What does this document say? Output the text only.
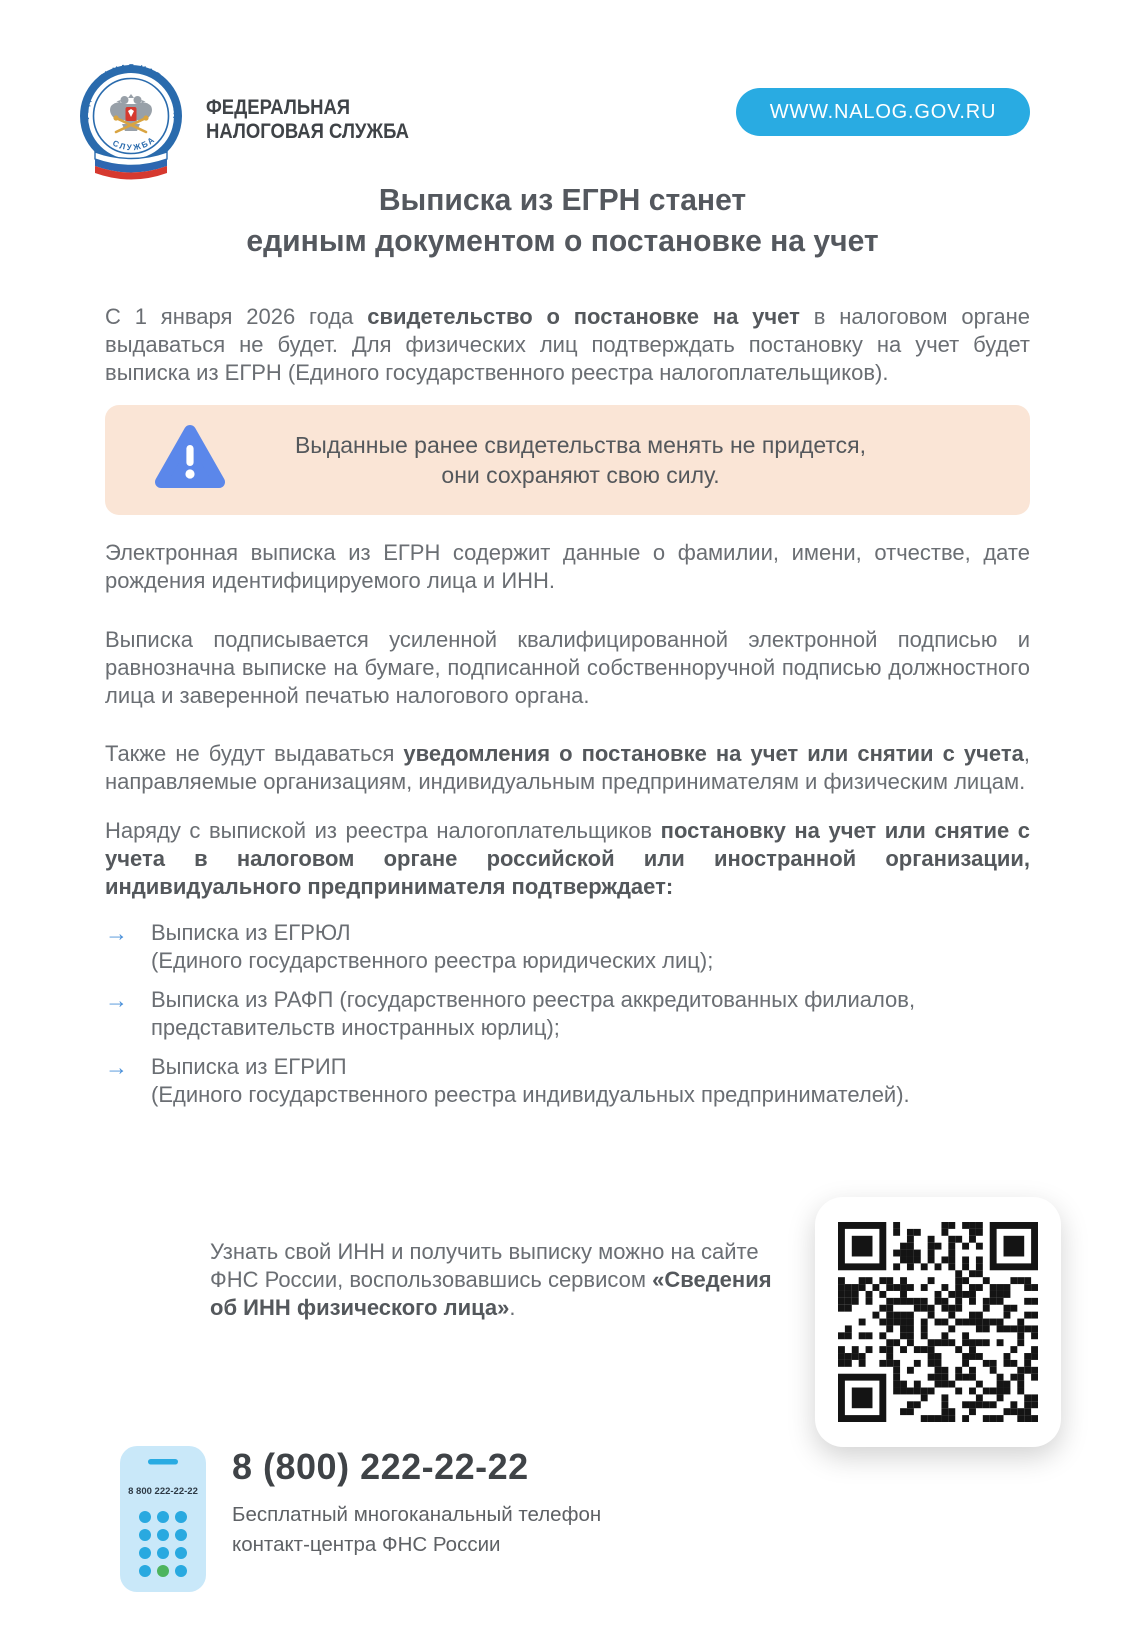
ФЕДЕРАЛЬНАЯ НАЛОГОВАЯ
СЛУЖБА
ФЕДЕРАЛЬНАЯ
НАЛОГОВАЯ СЛУЖБА
WWW.NALOG.GOV.RU
Выписка из ЕГРН станет
единым документом о постановке на учет

С 1 января 2026 года свидетельство о постановке на учет в налоговом органе выдаваться не будет. Для физических лиц подтверждать постановку на учет будет выписка из ЕГРН (Единого государственного реестра налогоплательщиков).

Выданные ранее свидетельства менять не придется,
они сохраняют свою силу.

Электронная выписка из ЕГРН содержит данные о фамилии, имени, отчестве, дате рождения идентифицируемого лица и ИНН.

Выписка подписывается усиленной квалифицированной электронной подписью и равнозначна выписке на бумаге, подписанной собственноручной подписью должностного лица и заверенной печатью налогового органа.

Также не будут выдаваться уведомления о постановке на учет или снятии с учета, направляемые организациям, индивидуальным предпринимателям и физическим лицам.

Наряду с выпиской из реестра налогоплательщиков постановку на учет или снятие с учета в налоговом органе российской или иностранной организации, индивидуального предпринимателя подтверждает:

→	Выписка из ЕГРЮЛ
(Единого государственного реестра юридических лиц);
→	Выписка из РАФП (государственного реестра аккредитованных филиалов,
представительств иностранных юрлиц);
→	Выписка из ЕГРИП
(Единого государственного реестра индивидуальных предпринимателей).
Узнать свой ИНН и получить выписку можно на сайте ФНС России, воспользовавшись сервисом «Сведения об ИНН физического лица».
8 800 222-22-22
8 (800) 222-22-22
Бесплатный многоканальный телефон
контакт-центра ФНС России
